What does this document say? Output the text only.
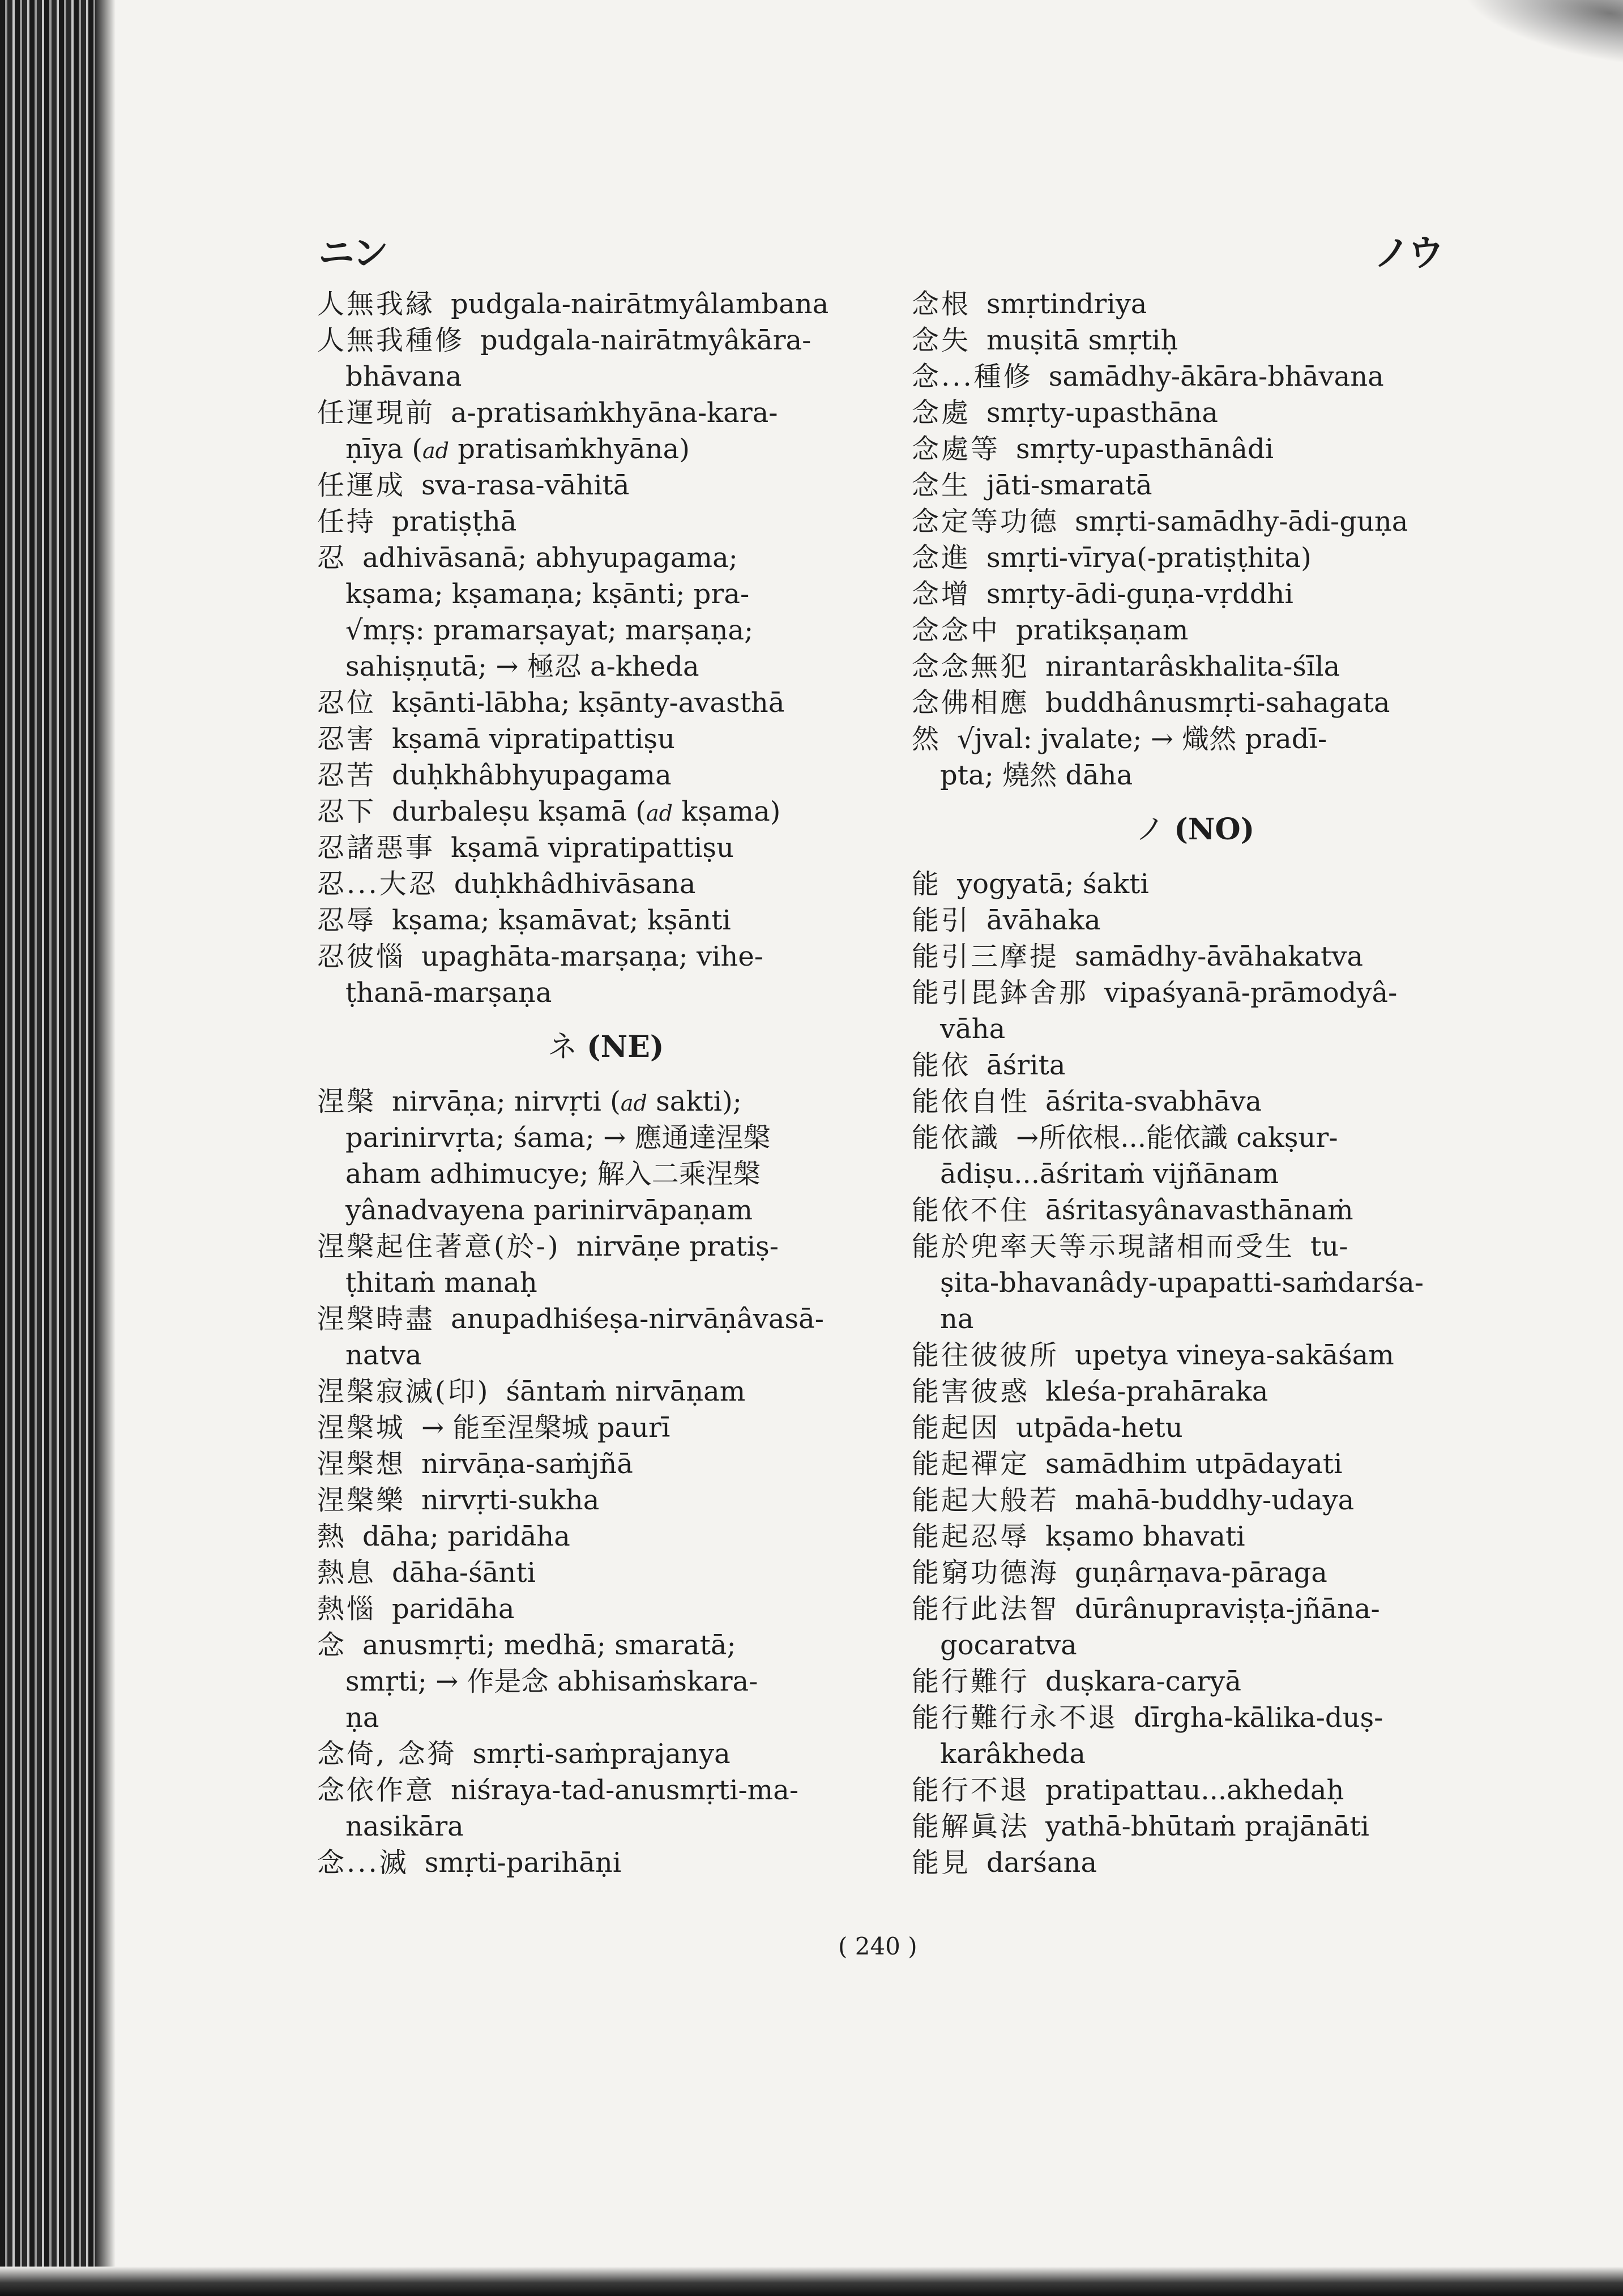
ニン	ノウ
人無我縁 pudgala-nairātmyâlambana
人無我種修 pudgala-nairātmyâkāra-
bhāvana
任運現前 a-pratisaṁkhyāna-kara-
ṇīya (ad pratisaṁkhyāna)
任運成 sva-rasa-vāhitā
任持 pratiṣṭhā
忍 adhivāsanā; abhyupagama;
kṣama; kṣamaṇa; kṣānti; pra-
√mṛṣ: pramarṣayat; marṣaṇa;
sahiṣṇutā; → 極忍 a-kheda
忍位 kṣānti-lābha; kṣānty-avasthā
忍害 kṣamā vipratipattiṣu
忍苦 duḥkhâbhyupagama
忍下 durbaleṣu kṣamā (ad kṣama)
忍諸惡事 kṣamā vipratipattiṣu
忍...大忍 duḥkhâdhivāsana
忍辱 kṣama; kṣamāvat; kṣānti
忍彼惱 upaghāta-marṣaṇa; vihe-
ṭhanā-marṣaṇa
ネ (NE)
涅槃 nirvāṇa; nirvṛti (ad sakti);
parinirvṛta; śama; → 應通達涅槃
aham adhimucye; 解入二乘涅槃
yânadvayena parinirvāpaṇam
涅槃起住著意(於-) nirvāṇe pratiṣ-
ṭhitaṁ manaḥ
涅槃時盡 anupadhiśeṣa-nirvāṇâvasā-
natva
涅槃寂滅(印) śāntaṁ nirvāṇam
涅槃城 → 能至涅槃城 paurī
涅槃想 nirvāṇa-saṁjñā
涅槃樂 nirvṛti-sukha
熱 dāha; paridāha
熱息 dāha-śānti
熱惱 paridāha
念 anusmṛti; medhā; smaratā;
smṛti; → 作是念 abhisaṁskara-
ṇa
念倚, 念猗 smṛti-saṁprajanya
念依作意 niśraya-tad-anusmṛti-ma-
nasikāra
念...滅 smṛti-parihāṇi
念根 smṛtindriya
念失 muṣitā smṛtiḥ
念...種修 samādhy-ākāra-bhāvana
念處 smṛty-upasthāna
念處等 smṛty-upasthānâdi
念生 jāti-smaratā
念定等功德 smṛti-samādhy-ādi-guṇa
念進 smṛti-vīrya(-pratiṣṭhita)
念增 smṛty-ādi-guṇa-vṛddhi
念念中 pratikṣaṇam
念念無犯 nirantarâskhalita-śīla
念佛相應 buddhânusmṛti-sahagata
然 √jval: jvalate; → 熾然 pradī-
pta; 燒然 dāha
ノ (NO)
能 yogyatā; śakti
能引 āvāhaka
能引三摩提 samādhy-āvāhakatva
能引毘鉢舍那 vipaśyanā-prāmodyâ-
vāha
能依 āśrita
能依自性 āśrita-svabhāva
能依識 →所依根...能依識 cakṣur-
ādiṣu...āśritaṁ vijñānam
能依不住 āśritasyânavasthānaṁ
能於兜率天等示現諸相而受生 tu-
ṣita-bhavanâdy-upapatti-saṁdarśa-
na
能往彼彼所 upetya vineya-sakāśam
能害彼惑 kleśa-prahāraka
能起因 utpāda-hetu
能起禪定 samādhim utpādayati
能起大般若 mahā-buddhy-udaya
能起忍辱 kṣamo bhavati
能窮功德海 guṇârṇava-pāraga
能行此法智 dūrânupraviṣṭa-jñāna-
gocaratva
能行難行 duṣkara-caryā
能行難行永不退 dīrgha-kālika-duṣ-
karâkheda
能行不退 pratipattau...akhedaḥ
能解眞法 yathā-bhūtaṁ prajānāti
能見 darśana
( 240 )
